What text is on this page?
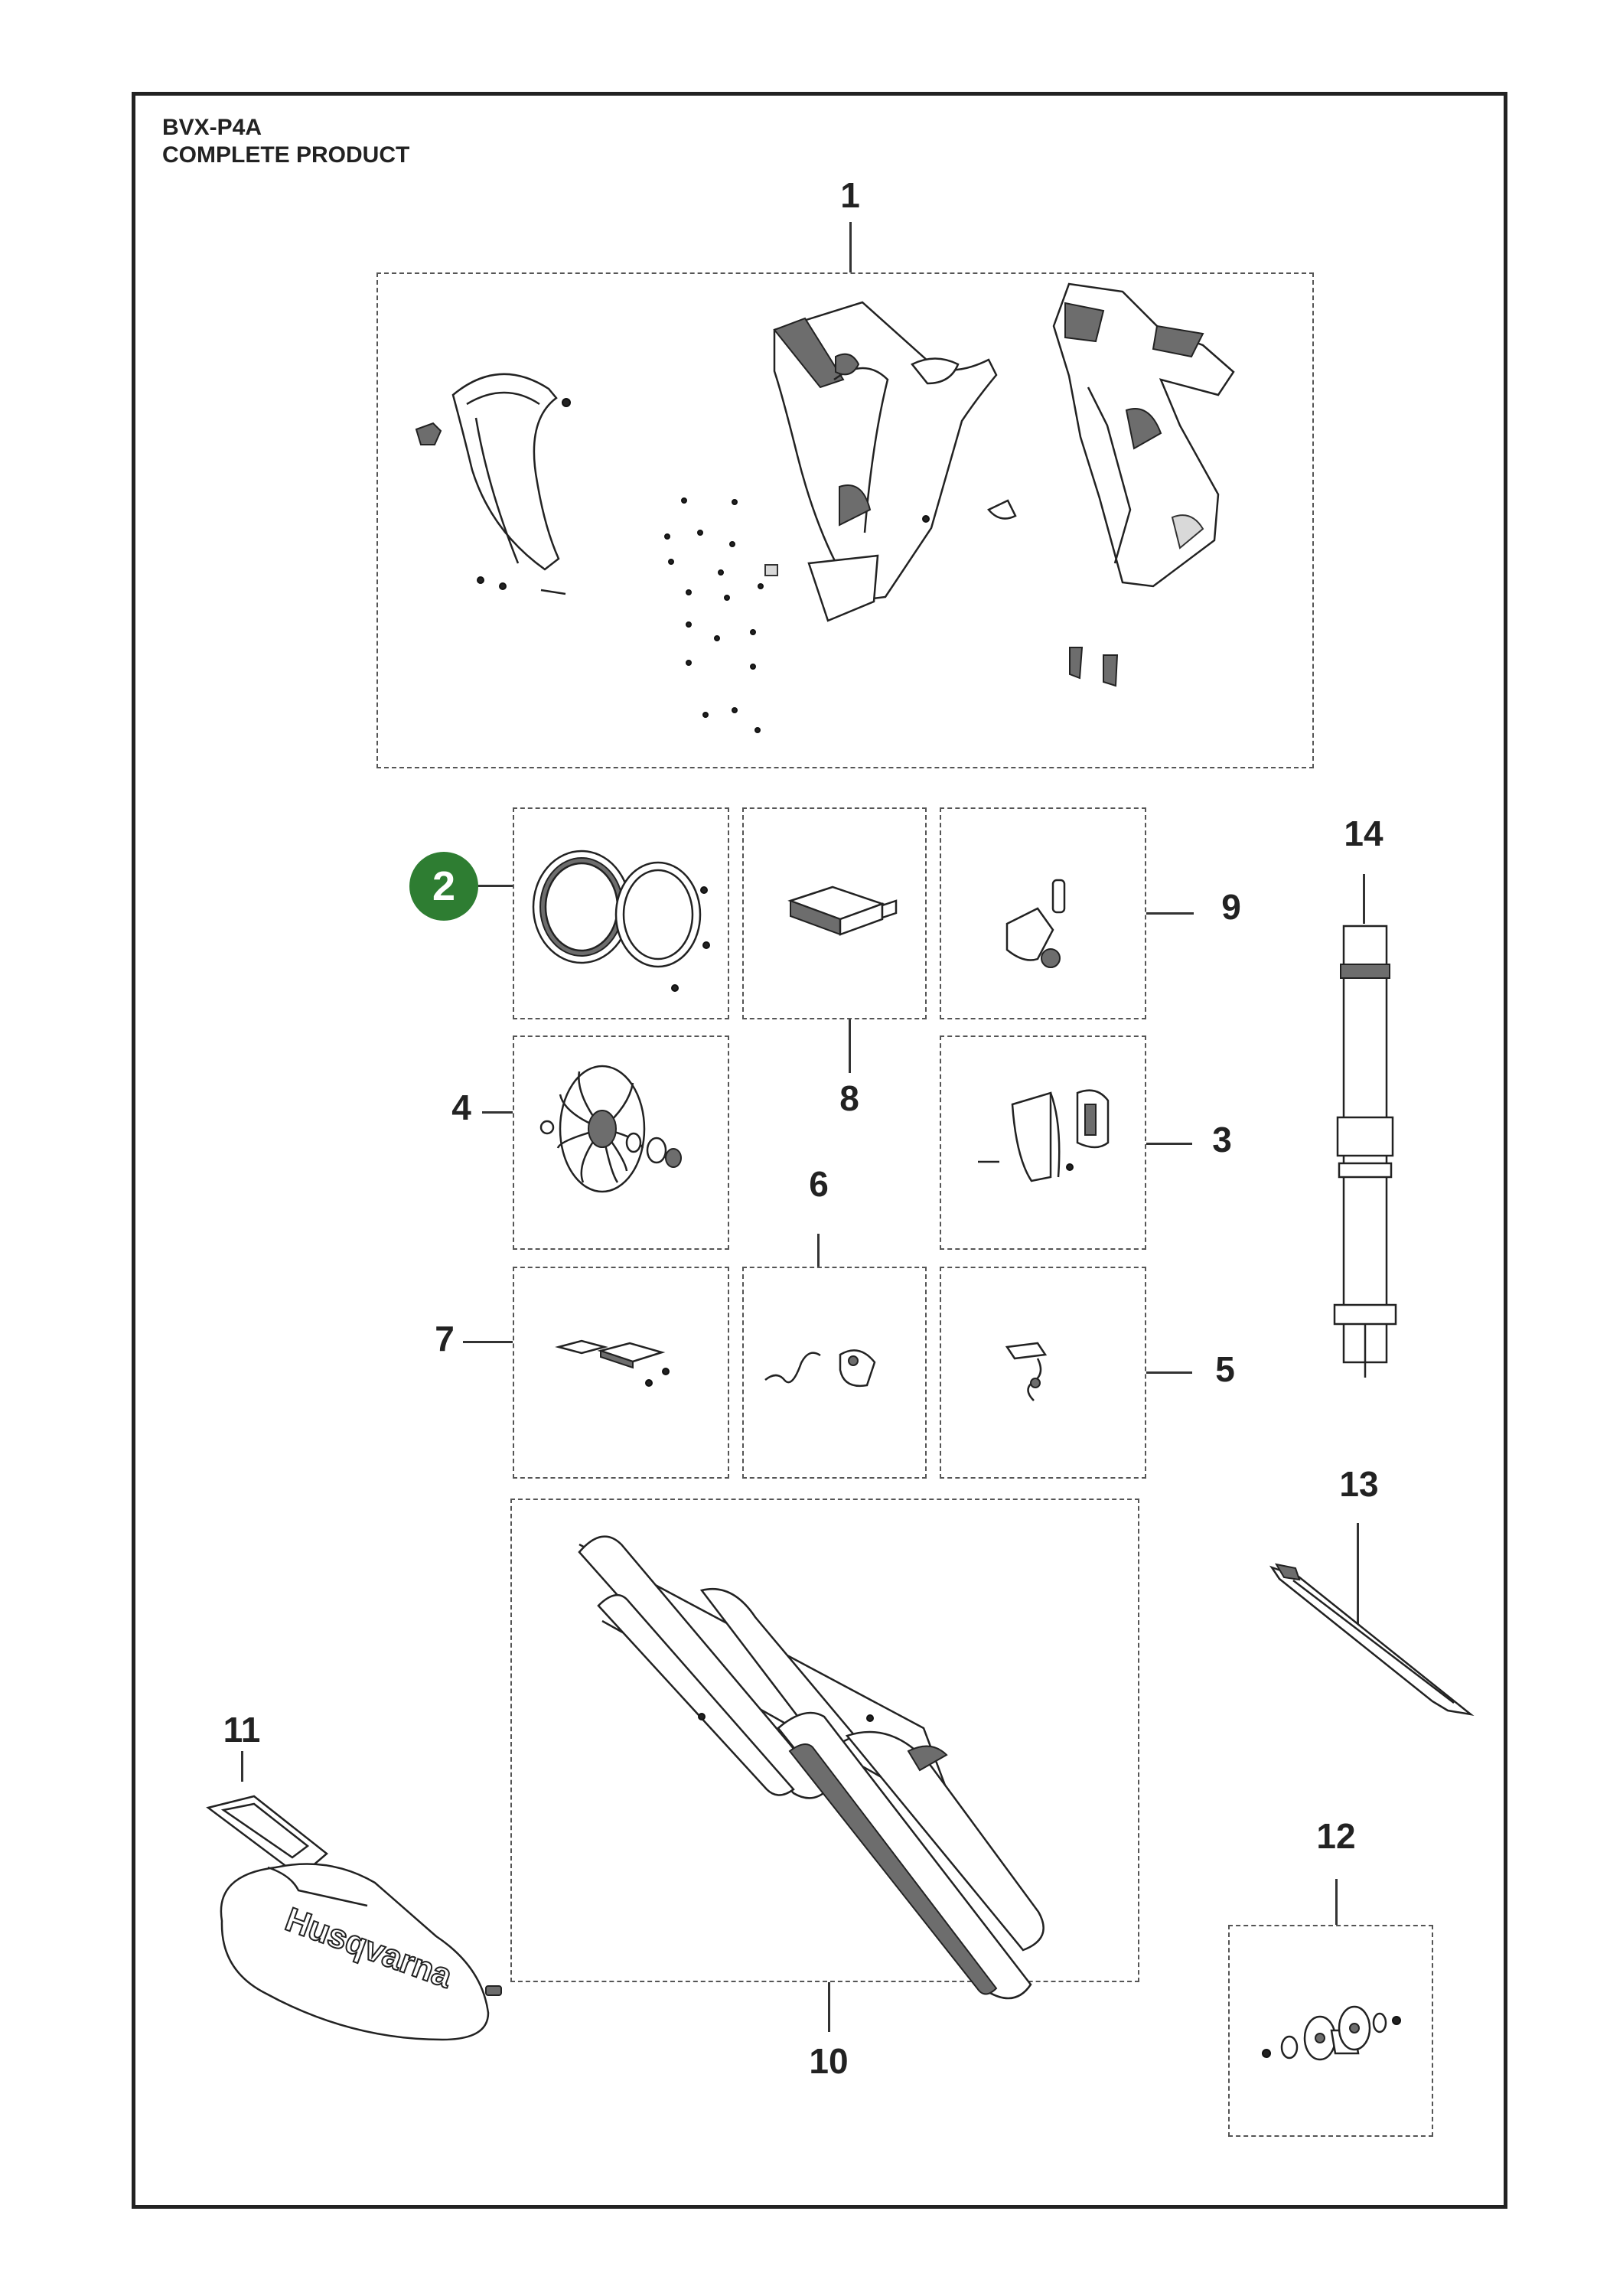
BVX-P4A
COMPLETE PRODUCT
1
2
8
9
4
3
6
7
5
10
11
12
13
14
Husqvarna
